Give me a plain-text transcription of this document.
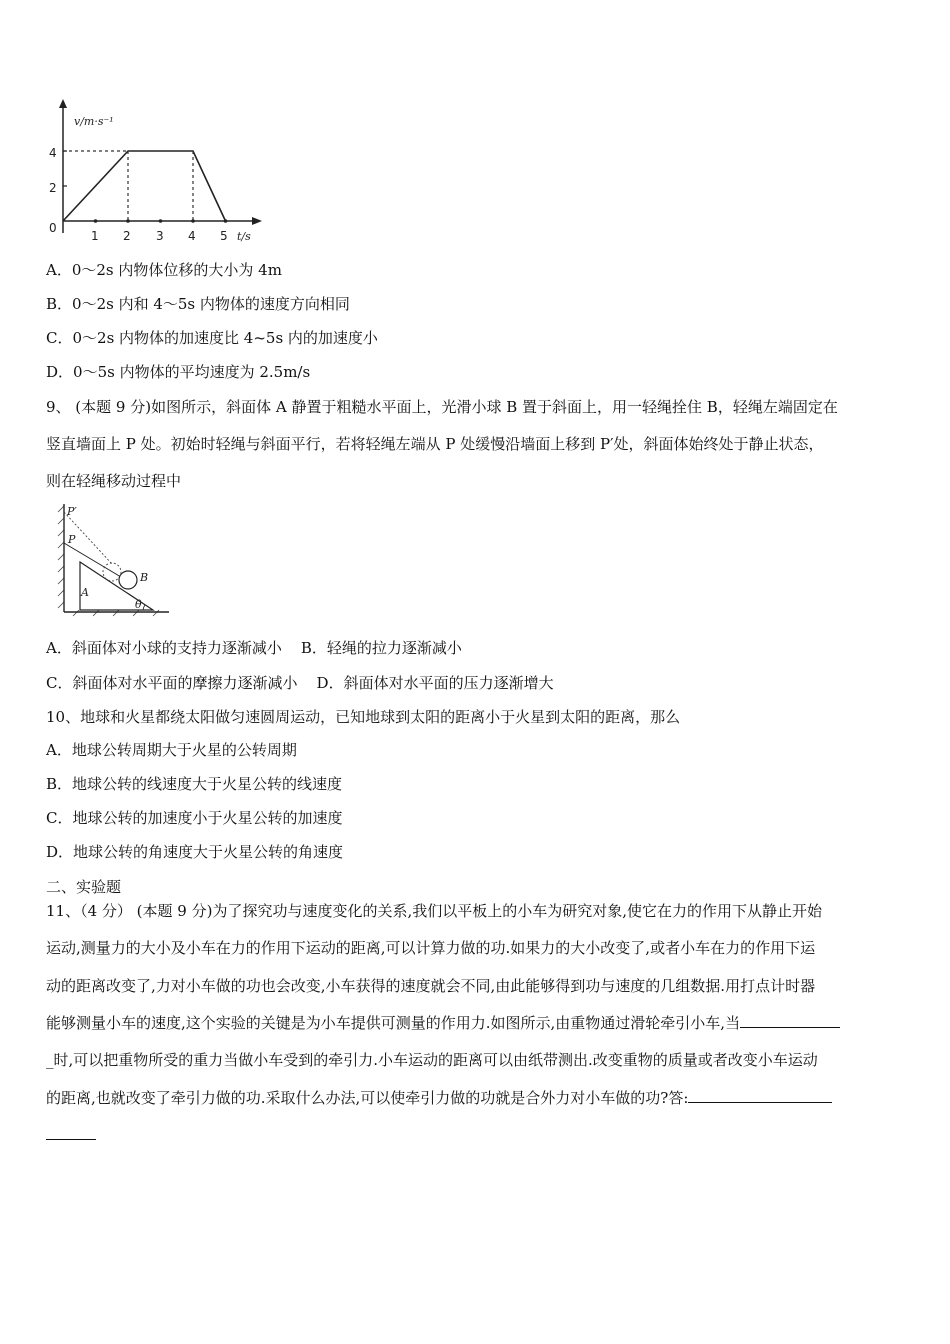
v/m·s⁻¹
t/s
0
2
4
1 2 3 4 5
A．0～2s 内物体位移的大小为 4m
B．0～2s 内和 4～5s 内物体的速度方向相同
C．0～2s 内物体的加速度比 4~5s 内的加速度小
D．0～5s 内物体的平均速度为 2.5m/s
9、 (本题 9 分)如图所示，斜面体 A 静置于粗糙水平面上，光滑小球 B 置于斜面上，用一轻绳拴住 B，轻绳左端固定在
竖直墙面上 P 处。初始时轻绳与斜面平行，若将轻绳左端从 P 处缓慢沿墙面上移到 P′处，斜面体始终处于静止状态，
则在轻绳移动过程中
P′
P
A
B
θ
A．斜面体对小球的支持力逐渐减小    B．轻绳的拉力逐渐减小
C．斜面体对水平面的摩擦力逐渐减小    D．斜面体对水平面的压力逐渐增大
10、地球和火星都绕太阳做匀速圆周运动，已知地球到太阳的距离小于火星到太阳的距离，那么
A．地球公转周期大于火星的公转周期
B．地球公转的线速度大于火星公转的线速度
C．地球公转的加速度小于火星公转的加速度
D．地球公转的角速度大于火星公转的角速度
二、实验题
11、（4 分） (本题 9 分)为了探究功与速度变化的关系,我们以平板上的小车为研究对象,使它在力的作用下从静止开始
运动,测量力的大小及小车在力的作用下运动的距离,可以计算力做的功.如果力的大小改变了,或者小车在力的作用下运
动的距离改变了,力对小车做的功也会改变,小车获得的速度就会不同,由此能够得到功与速度的几组数据.用打点计时器
能够测量小车的速度,这个实验的关键是为小车提供可测量的作用力.如图所示,由重物通过滑轮牵引小车,当
_时,可以把重物所受的重力当做小车受到的牵引力.小车运动的距离可以由纸带测出.改变重物的质量或者改变小车运动
的距离,也就改变了牵引力做的功.采取什么办法,可以使牵引力做的功就是合外力对小车做的功?答:
